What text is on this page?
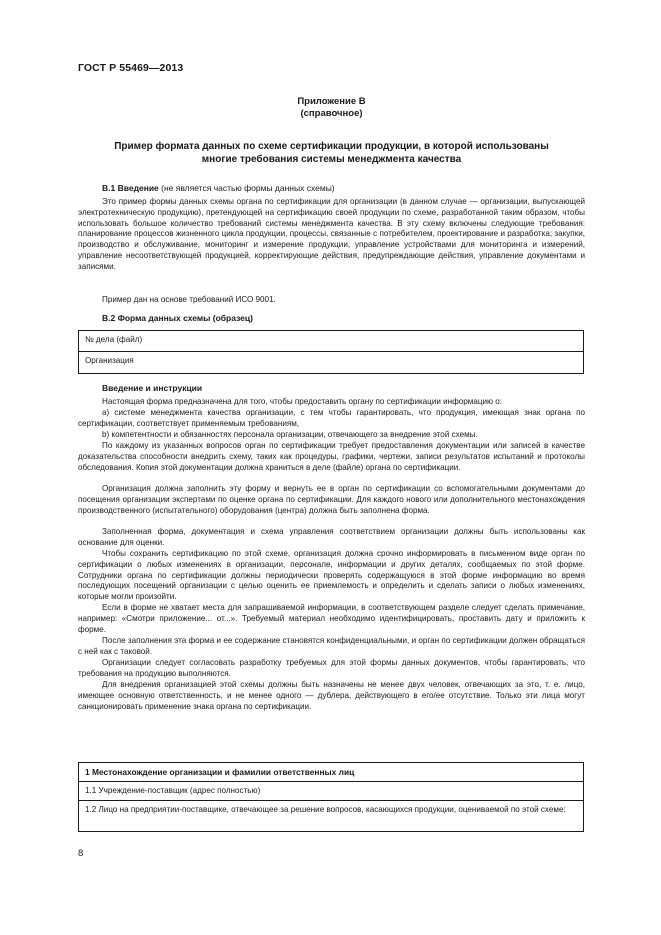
ГОСТ Р 55469—2013
Приложение В
(справочное)
Пример формата данных по схеме сертификации продукции, в которой использованы многие требования системы менеджмента качества
В.1 Введение (не является частью формы данных схемы)
Это пример формы данных схемы органа по сертификации для организации (в данном случае — организации, выпускающей электротехническую продукцию), претендующей на сертификацию своей продукции по схеме, разработанной таким образом, чтобы использовать большое количество требований системы менеджмента качества. В эту схему включены следующие требования: планирование процессов жизненного цикла продукции, процессы, связанные с потребителем, проектирование и разработка; закупки, производство и обслуживание, мониторинг и измерение продукции, управление устройствами для мониторинга и измерений, управление несоответствующей продукцией, корректирующие действия, предупреждающие действия, управление документами и записями.
Пример дан на основе требований ИСО 9001.
В.2 Форма данных схемы (образец)
№ дела (файл)
Организация
Введение и инструкции
Настоящая форма предназначена для того, чтобы предоставить органу по сертификации информацию о:
а) системе менеджмента качества организации, с тем чтобы гарантировать, что продукция, имеющая знак органа по сертификации, соответствует применяемым требованиям,
b) компетентности и обязанностях персонала организации, отвечающего за внедрение этой схемы.
По каждому из указанных вопросов орган по сертификации требует предоставления документации или записей в качестве доказательства способности внедрить схему, таких как процедуры, графики, чертежи, записи результатов испытаний и протоколы обследования. Копия этой документации должна храниться в деле (файле) органа по сертификации.
Организация должна заполнить эту форму и вернуть ее в орган по сертификации со вспомогательными документами до посещения организации экспертами по оценке органа по сертификации. Для каждого нового или дополнительного местонахождения производственного (испытательного) оборудования (центра) должна быть заполнена форма.
Заполненная форма, документация и схема управления соответствием организации должны быть использованы как основание для оценки.
Чтобы сохранить сертификацию по этой схеме, организация должна срочно информировать в письменном виде орган по сертификации о любых изменениях в организации, персонале, информации и других деталях, сообщаемых по этой форме. Сотрудники органа по сертификации должны периодически проверять содержащуюся в этой форме информацию во время последующих посещений организации с целью оценить ее приемлемость и определить и сделать записи о любых изменениях, которые могли произойти.
Если в форме не хватает места для запрашиваемой информации, в соответствующем разделе следует сделать примечание, например: «Смотри приложение... от...». Требуемый материал необходимо идентифицировать, проставить дату и приложить к форме.
После заполнения эта форма и ее содержание становятся конфиденциальными, и орган по сертификации должен обращаться с ней как с таковой.
Организации следует согласовать разработку требуемых для этой формы данных документов, чтобы гарантировать, что требования на продукцию выполняются.
Для внедрения организацией этой схемы должны быть назначены не менее двух человек, отвечающих за это, т. е. лицо, имеющее основную ответственность, и не менее одного — дублера, действующего в его/ее отсутствие. Только эти лица могут санкционировать применение знака органа по сертификации.
1 Местонахождение организации и фамилии ответственных лиц
1.1 Учреждение-поставщик (адрес полностью)
1.2 Лицо на предприятии-поставщике, отвечающее за решение вопросов, касающихся продукции, оцениваемой по этой схеме:
8
